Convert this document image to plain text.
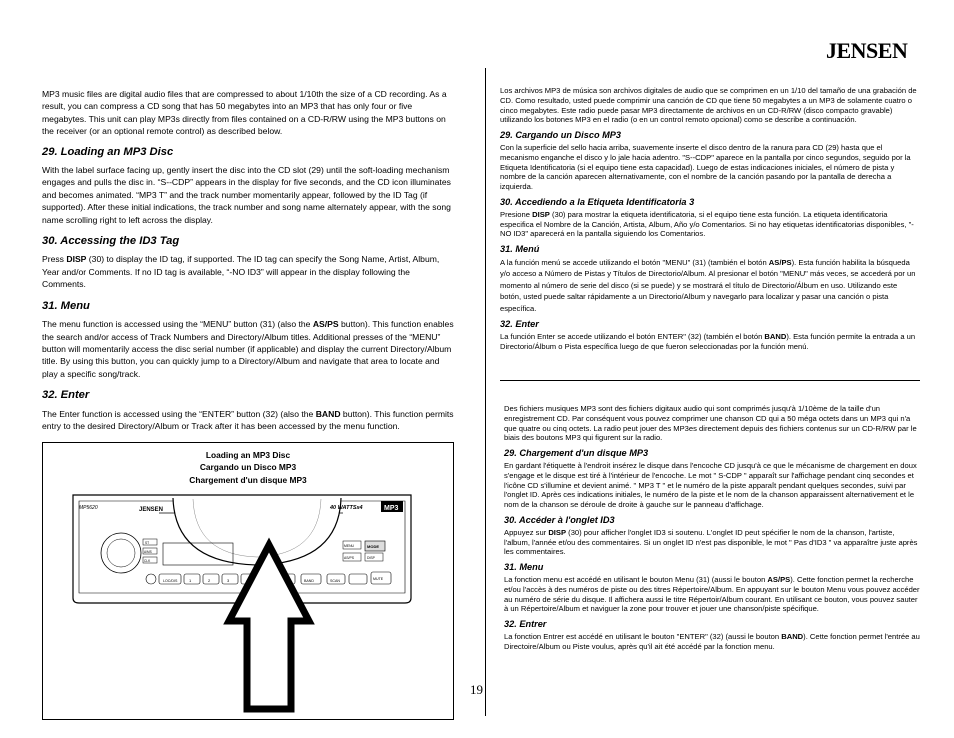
JENSEN

MP3 music files are digital audio files that are compressed to about 1/10th the size of a CD recording. As a result, you can compress a CD song that has 50 megabytes into an MP3 that has only four or five megabytes. This unit can play MP3s directly from files contained on a CD-R/RW using the MP3 buttons on the receiver (or an optional remote control) as described below.

29. Loading an MP3 Disc

With the label surface facing up, gently insert the disc into the CD slot (29) until the soft-loading mechanism engages and pulls the disc in. “S--CDP” appears in the display for five seconds, and the CD icon illuminates and becomes animated. “MP3 T” and the track number momentarily appear, followed by the ID Tag (if supported). After these initial indications, the track number and song name alternately appear, with the song name scrolling right to left across the display.

30. Accessing the ID3 Tag

Press DISP (30) to display the ID tag, if supported. The ID tag can specify the Song Name, Artist, Album, Year and/or Comments. If no ID tag is available, “-NO ID3” will appear in the display following the Comments.

31. Menu

The menu function is accessed using the “MENU” button (31) (also the AS/PS button). This function enables the search and/or access of Track Numbers and Directory/Album titles. Additional presses of the “MENU” button will momentarily access the disc serial number (if applicable) and display the current Directory/Album title. By using this button, you can quickly jump to a Directory/Album and navigate that area to locate and play a specific song/track.

32. Enter

The Enter function is accessed using the “ENTER” button (32) (also the BAND button). This function permits entry to the desired Directory/Album or Track after it has been accessed by the menu function.

Los archivos MP3 de música son archivos digitales de audio que se comprimen en un 1/10 del tamaño de una grabación de CD. Como resultado, usted puede comprimir una canción de CD que tiene 50 megabytes a un MP3 de solamente cuatro o cinco megabytes. Este radio puede pasar MP3 directamente de archivos en un CD-R/RW (disco compacto gravable) utilizando los botones MP3 en el radio (o en un control remoto opcional) como se describe a continuación.

29. Cargando un Disco MP3

Con la superficie del sello hacia arriba, suavemente inserte el disco dentro de la ranura para CD (29) hasta que el mecanismo enganche el disco y lo jale hacia adentro. "S--CDP" aparece en la pantalla por cinco segundos, seguido por la Etiqueta Identificatoria (si el equipo tiene esta capacidad). Luego de estas indicaciones iniciales, el número de pista y nombre de la canción aparecen alternativamente, con el nombre de la canción pasando por la pantalla de derecha a izquierda.

30. Accediendo a la Etiqueta Identificatoria 3

Presione DISP (30) para mostrar la etiqueta identificatoria, si el equipo tiene esta función. La etiqueta identificatoria especifica el Nombre de la Canción, Artista, Album, Año y/o Comentarios. Si no hay etiquetas identificatorias disponibles, "-NO ID3" aparecerá en la pantalla siguiendo los Comentarios.

31. Menú

A la función menú se accede utilizando el botón "MENU" (31) (también el botón AS/PS). Esta función habilita la búsqueda y/o acceso a Número de Pistas y Títulos de Directorio/Album. Al presionar el botón "MENU" más veces, se accederá por un momento al número de serie del disco (si se puede) y se mostrará el título de Directorio/Álbum en uso. Utilizando este botón, usted puede saltar rápidamente a un Directorio/Album y navegarlo para localizar y pasar una canción o pista específica.

32. Enter

La función Enter se accede utilizando el botón ENTER" (32) (también el botón BAND). Esta función permite la entrada a un Directorio/Álbum o Pista específica luego de que fueron seleccionadas por la función menú.

Des fichiers musiques MP3 sont des fichiers digitaux audio qui sont comprimés jusqu'à 1/10ème de la taille d'un enregistrement CD. Par conséquent vous pouvez comprimer une chanson CD qui a 50 méga octets dans un MP3 qui n'a que quatre ou cinq octets. La radio peut jouer des MP3es directement depuis des fichiers contenus sur un CD-R/RW par le biais des boutons MP3 qui figurent sur la radio.

29. Chargement d'un disque MP3

En gardant l'étiquette à l'endroit insérez le disque dans l'encoche CD jusqu'à ce que le mécanisme de chargement en doux s'engage et le disque est tiré à l'intérieur de l'encoche. Le mot " S-CDP " apparaît sur l'affichage pendant cinq secondes et l'icône CD s'illumine et devient animé. " MP3 T " et le numéro de la piste apparaît pendant quelques secondes, suivi par l'onglet ID. Après ces indications initiales, le numéro de la piste et le nom de la chanson apparaissent alternativement et le nom de la chanson se déroule de droite à gauche sur le panneau d'affichage.

30. Accéder à l'onglet ID3

Appuyez sur DISP (30) pour afficher l'onglet ID3 si soutenu. L'onglet ID peut spécifier le nom de la chanson, l'artiste, l'album, l'année et/ou des commentaires. Si un onglet ID n'est pas disponible, le mot " Pas d'ID3 " va apparaître juste après les commentaires.

31. Menu

La fonction menu est accédé en utilisant le bouton Menu (31) (aussi le bouton AS/PS). Cette fonction permet la recherche et/ou l'accès à des numéros de piste ou des titres Répertoire/Album. En appuyant sur le bouton Menu vous pouvez accéder au numéro de série du disque. Il affichera aussi le titre Répertoir/Album courant. En utilisant ce bouton, vous pouvez sauter à un Répertoire/Album et naviguer la zone pour trouver et jouer une chanson/piste spécifique.

32. Entrer

La fonction Entrer est accédé en utilisant le bouton "ENTER" (32) (aussi le bouton BAND). Cette fonction permet l'entrée au Directoire/Album ou Piste voulus, après qu'il ait été accédé par la fonction menu.

Loading an MP3 Disc
Cargando un Disco MP3
Chargement d'un disque MP3
JENSEN
MP5620	40 WATTSx4	MP3
LOC/DIS	1	2	3	BAND	SCAN	MUTE
MENU	MODE
AS/PS	DISP
ST
A/MS
CLK
19
